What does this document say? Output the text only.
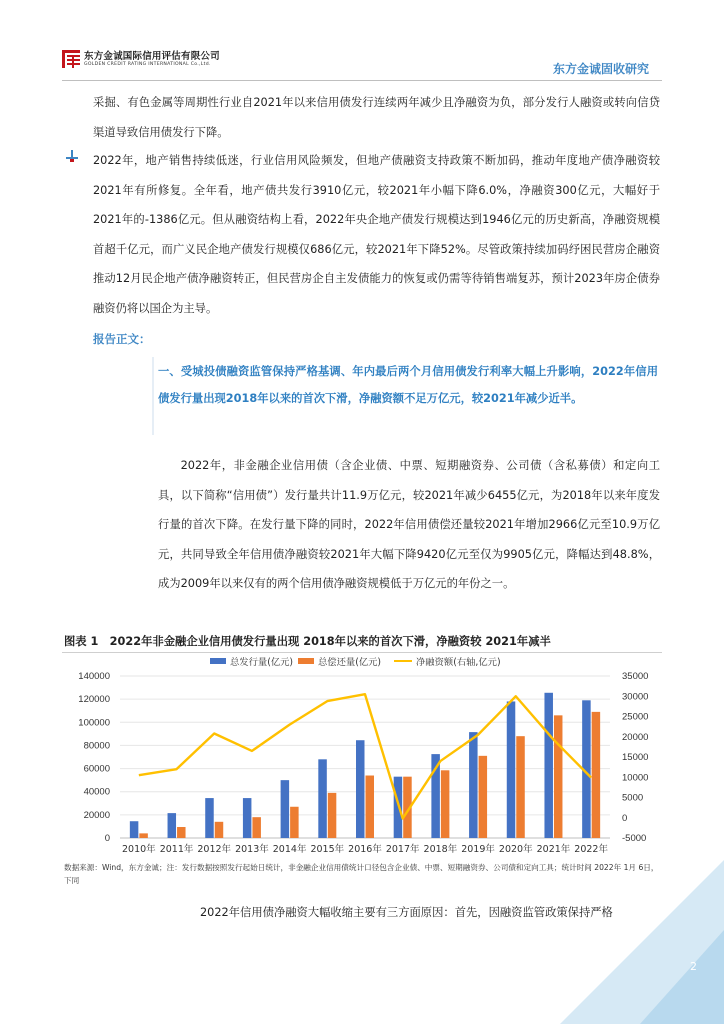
东方金诚国际信用评估有限公司
GOLDEN CREDIT RATING INTERNATIONAL Co.,Ltd.	东方金诚固收研究

采掘、有色金属等周期性行业自2021年以来信用债发行连续两年减少且净融资为负，部分发行人融资或转向信贷渠道导致信用债发行下降。

2022年，地产销售持续低迷，行业信用风险频发，但地产债融资支持政策不断加码，推动年度地产债净融资较2021年有所修复。全年看，地产债共发行3910亿元，较2021年小幅下降6.0%，净融资300亿元，大幅好于2021年的-1386亿元。但从融资结构上看，2022年央企地产债发行规模达到1946亿元的历史新高，净融资规模首超千亿元，而广义民企地产债发行规模仅686亿元，较2021年下降52%。尽管政策持续加码纾困民营房企融资推动12月民企地产债净融资转正，但民营房企自主发债能力的恢复或仍需等待销售端复苏，预计2023年房企债券融资仍将以国企为主导。

报告正文：

一、受城投债融资监管保持严格基调、年内最后两个月信用债发行利率大幅上升影响，2022年信用债发行量出现2018年以来的首次下滑，净融资额不足万亿元，较2021年减少近半。

2022年，非金融企业信用债（含企业债、中票、短期融资券、公司债（含私募债）和定向工具，以下简称“信用债”）发行量共计11.9万亿元，较2021年减少6455亿元，为2018年以来年度发行量的首次下降。在发行量下降的同时，2022年信用债偿还量较2021年增加2966亿元至10.9万亿元，共同导致全年信用债净融资较2021年大幅下降9420亿元至仅为9905亿元，降幅达到48.8%，成为2009年以来仅有的两个信用债净融资规模低于万亿元的年份之一。

图表 1　2022年非金融企业信用债发行量出现 2018年以来的首次下滑，净融资较 2021年减半
0
20000
40000
60000
80000
100000
120000
140000
-5000
0
5000
10000
15000
20000
25000
30000
35000
2010年 2011年 2012年 2013年 2014年 2015年 2016年 2017年 2018年 2019年 2020年 2021年 2022年
总发行量(亿元)	总偿还量(亿元)	净融资额(右轴,亿元)

数据来源：Wind，东方金诚；注：发行数据按照发行起始日统计，非金融企业信用债统计口径包含企业债、中票、短期融资券、公司债和定向工具；统计时间 2022年 1月 6日，下同

2022年信用债净融资大幅收缩主要有三方面原因：首先，因融资监管政策保持严格
2
